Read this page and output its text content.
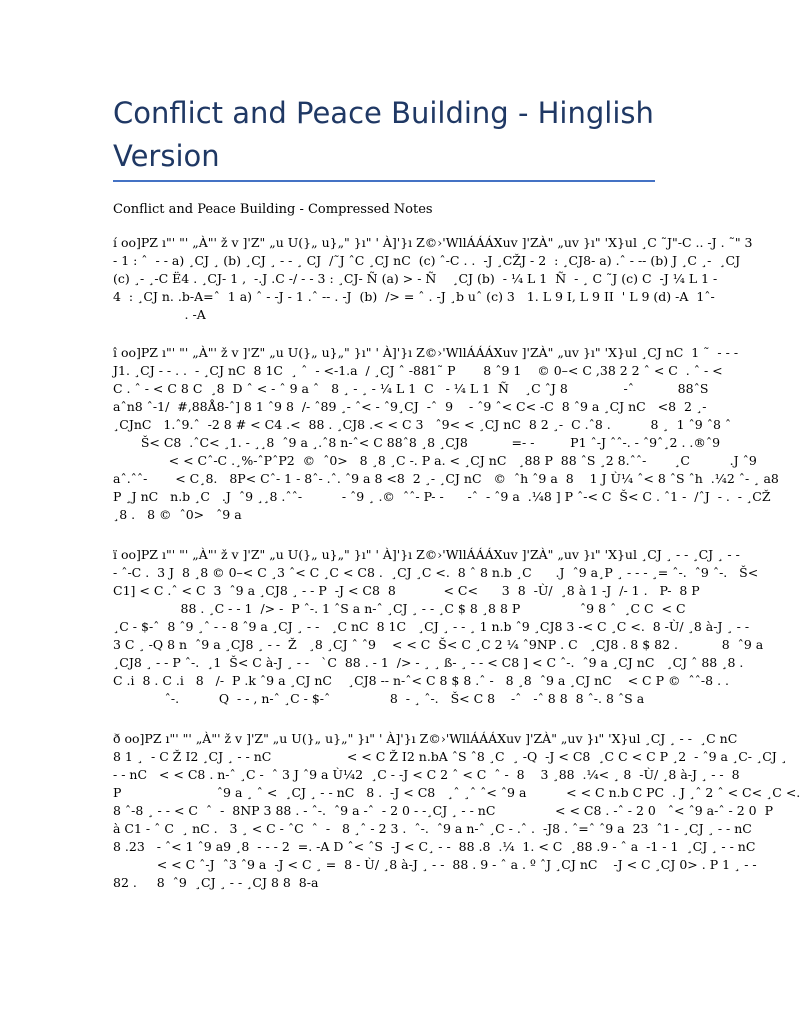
Conflict and Peace Building - Hinglish Version

Conflict and Peace Building - Compressed Notes

í oo]PZ ı"' "' „À"' ž v ]'Z" „u U(}„ u}„" }ı" ' À]'}ı Z©›'WllÁÁÁXuv ]'ZÀ" „uv }ı" 'X}ul ¸C ˜J"-C .. -J . ˜" 3
- 1 : ˆ  - - a) ¸CJ ¸ (b) ¸CJ ¸ - - ¸ CJ  /˜J ˆC ¸CJ nC  (c) ˆ-C . .  -J ¸CŽJ - 2  : ¸CJ8- a) .ˆ - -- (b) J ¸C ¸-  ¸CJ
(c) ¸- ¸-C Ë4 . ¸CJ- 1 ,  -.J .C -/ - - 3 : ¸CJ- Ñ (a) > - Ñ    ¸CJ (b)  - ¼ L 1  Ñ  - ¸ C ˜J (c) C  -J ¼ L 1 -
4  : ¸CJ n. .b-A=ˆ  1 a) ˆ - -J - 1 .ˆ -- . -J  (b)  /> = ˆ . -J ¸b uˆ (c) 3   1. L 9 I, L 9 II  ' L 9 (d) -A  1ˆ-
. -A
î oo]PZ ı"' "' „À"' ž v ]'Z" „u U(}„ u}„" }ı" ' À]'}ı Z©›'WllÁÁÁXuv ]'ZÀ" „uv }ı" 'X}ul ¸CJ nC  1 ˜  - - -
J1. ¸CJ - - . .  - ¸CJ nC  8 1C  ¸ ˆ  - <-1.a  / ¸CJ ˆ -881˜ P       8 ˆ9 1    © 0–< C ,38 2 2 ˆ < C  . ˆ - <
C . ˆ - < C 8 C  ¸8  D ˆ < - ˆ 9 a ˆ   8 ¸ - ¸ - ¼ L 1  C   - ¼ L 1  Ñ    ¸C ˆJ 8              -ˆ           88ˆS
aˆn8 ˆ-1/  #,88Å8-ˆ] 8 1 ˆ9 8  /- ˆ89 ¸- ˆ< - ˆ9¸CJ  -ˆ  9    - ˆ9 ˆ< C< -C  8 ˆ9 a ¸CJ nC   <8  2 ¸-
¸CJnC   1.ˆ9.ˆ  -2 8 # < C4 .<  88 . ¸CJ8 .< < C 3   ˆ9< < ¸CJ nC  8 2 ¸-  C .ˆ8 .          8 ¸  1 ˆ9 ˆ8 ˆ
Š< C8  .ˆC< ¸1. - ¸¸8  ˆ9 a ¸.ˆ8 n-ˆ< C 88ˆ8 ¸8 ¸CJ8           =- -         P1 ˆ-J ˆˆ-. - ˆ9ˆ¸2 . .®ˆ9
< < Cˆ-C .¸%-ˆPˆP2  ©  ˆ0>   8 ¸8 ¸C -. P a. < ¸CJ nC   ¸88 P  88 ˆS ¸2 8.ˆˆ-       ¸C          .J ˆ9
aˆ.ˆˆ-       < C¸8.   8P< Cˆ- 1 - 8ˆ- .ˆ. ˆ9 a 8 <8  2 ¸- ¸CJ nC   ©  ˆh ˆ9 a  8    1 J Ù¼ ˆ< 8 ˆS ˆh  .¼2 ˆ- ¸ a8
P ¸J nC   n.b ¸C   .J  ˆ9 ¸¸8 .ˆˆ-          - ˆ9 ¸ .©  ˆˆ- P- -      -ˆ  - ˆ9 a  .¼8 ] P ˆ-< C  Š< C . ˆ1 -  /ˆJ  - .  - ¸CŽ
¸8 .   8 ©  ˆ0>   ˆ9 a
ï oo]PZ ı"' "' „À"' ž v ]'Z" „u U(}„ u}„" }ı" ' À]'}ı Z©›'WllÁÁÁXuv ]'ZÀ" „uv }ı" 'X}ul ¸CJ ¸ - - ¸CJ ¸ - -
- ˆ-C .  3 J  8 ¸8 © 0–< C ¸3 ˆ< C ¸C < C8 .  ¸CJ ¸C <.  8 ˆ 8 n.b ¸C      .J  ˆ9 a¸P ¸ - - - ¸= ˆ-.  ˆ9 ˆ-.   Š<
C1] < C .ˆ < C  3  ˆ9 a ¸CJ8 ¸ - - P  -J < C8  8            < C<      3  8  -Ù/  ¸8 à 1 -J  /- 1 .   P-  8 P
88 . ¸C - - 1  /> -  P ˆ-. 1 ˆS a n-ˆ ¸CJ ¸ - - ¸C $ 8 ¸8 8 P               ˆ9 8 ˆ  ¸C C  < C
¸C - $-ˆ  8 ˆ9 ¸ˆ - - 8 ˆ9 a ¸CJ ¸ - -   ¸C nC  8 1C   ¸CJ ¸ - - ¸ 1 n.b ˆ9 ¸CJ8 3 -< C ¸C <.  8 -Ù/ ¸8 à-J ¸ - -
3 C ¸ -Q 8 n  ˆ9 a ¸CJ8 ¸ - -  Ž   ¸8 ¸CJ ˆ ˆ9    < < C  Š< C ¸C 2 ¼ ˆ9NP . C   ¸CJ8 . 8 $ 82 .           8  ˆ9 a
¸CJ8 ¸ - - P ˆ-.  ¸1  Š< C à-J ¸ - -   `C  88 . - 1  /> - ¸ ¸ ß- ¸ - - < C8 ] < C ˆ-.  ˆ9 a ¸CJ nC   ¸CJ ˆ 88 ¸8 .
C .i  8 . C .i   8   /-  P .k ˆ9 a ¸CJ nC    ¸CJ8 -- n-ˆ< C 8 $ 8 .ˆ -   8 ¸8  ˆ9 a ¸CJ nC    < C P ©  ˆˆ-8 . .
ˆ-.          Q  - - , n-ˆ ¸C - $-ˆ               8  - ¸ ˆ-.   Š< C 8    -ˆ   -ˆ 8 8  8 ˆ-. 8 ˆS a
ð oo]PZ ı"' "' „À"' ž v ]'Z" „u U(}„ u}„" }ı" ' À]'}ı Z©›'WllÁÁÁXuv ]'ZÀ" „uv }ı" 'X}ul ¸CJ ¸ - -  ¸C nC
8 1 ¸  - C Ž I2 ¸CJ ¸ - - nC                   < < C Ž I2 n.bA ˆS ˆ8 ¸C  ¸ -Q  -J < C8  ¸C C < C P ¸2  - ˆ9 a ¸C- ¸CJ ¸
- - nC   < < C8 . n-ˆ ¸C -  ˆ 3 J ˆ9 a Ù¼2  ¸C - -J < C 2 ˆ < C  ˆ -  8    3 ¸88  .¼< ¸ 8  -Ù/ ¸8 à-J ¸ - -  8
P                        ˆ9 a ¸ ˆ <  ¸CJ ¸ - - nC   8 .  -J < C8   ¸ˆ ¸ˆ ˆ< ˆ9 a          < < C n.b C PC  . J ¸ˆ 2 ˆ < C< ¸C <.
8 ˆ-8 ¸ - - < C  ˆ  -  8NP 3 88 . - ˆ-.  ˆ9 a -ˆ  - 2 0 - -¸CJ ¸ - - nC               < < C8 . -ˆ - 2 0   ˆ< ˆ9 a-ˆ - 2 0  P
à C1 - ˆ C  ¸ nC .   3 ¸ < C - ˆC  ˆ  -   8 ¸ˆ - 2 3 .  ˆ-.  ˆ9 a n-ˆ ¸C - .ˆ .  -J8 . ˆ=ˆ ˆ9 a  23  ˆ1 - ¸CJ ¸ - - nC
8 .23   - ˆ< 1 ˆ9 a9 ¸8  - - - 2  =. -A D ˆ< ˆS  -J < C¸ - -  88 .8  .¼  1. < C  ¸88 .9 - ˆ a  -1 - 1  ¸CJ ¸ - - nC
< < C ˆ-J  ˆ3 ˆ9 a  -J < C ¸ =  8 - Ù/ ¸8 à-J ¸ - -  88 . 9 - ˆ a . º ˆJ ¸CJ nC    -J < C ¸CJ 0> . P 1 ¸ - -
82 .     8  ˆ9  ¸CJ ¸ - - ¸CJ 8 8  8-a
